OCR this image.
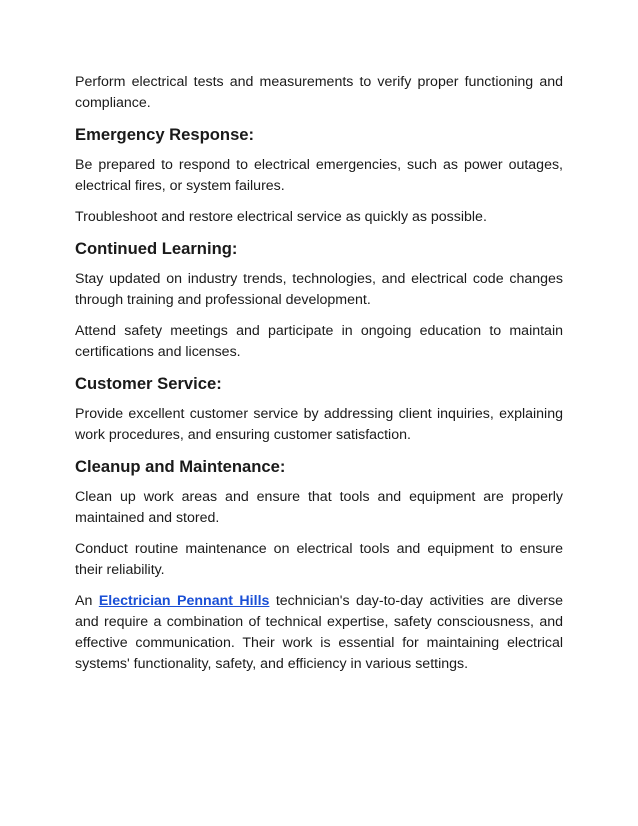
Perform electrical tests and measurements to verify proper functioning and compliance.

Emergency Response:

Be prepared to respond to electrical emergencies, such as power outages, electrical fires, or system failures.

Troubleshoot and restore electrical service as quickly as possible.

Continued Learning:

Stay updated on industry trends, technologies, and electrical code changes through training and professional development.

Attend safety meetings and participate in ongoing education to maintain certifications and licenses.

Customer Service:

Provide excellent customer service by addressing client inquiries, explaining work procedures, and ensuring customer satisfaction.

Cleanup and Maintenance:

Clean up work areas and ensure that tools and equipment are properly maintained and stored.

Conduct routine maintenance on electrical tools and equipment to ensure their reliability.

An Electrician Pennant Hills technician's day-to-day activities are diverse and require a combination of technical expertise, safety consciousness, and effective communication. Their work is essential for maintaining electrical systems' functionality, safety, and efficiency in various settings.
